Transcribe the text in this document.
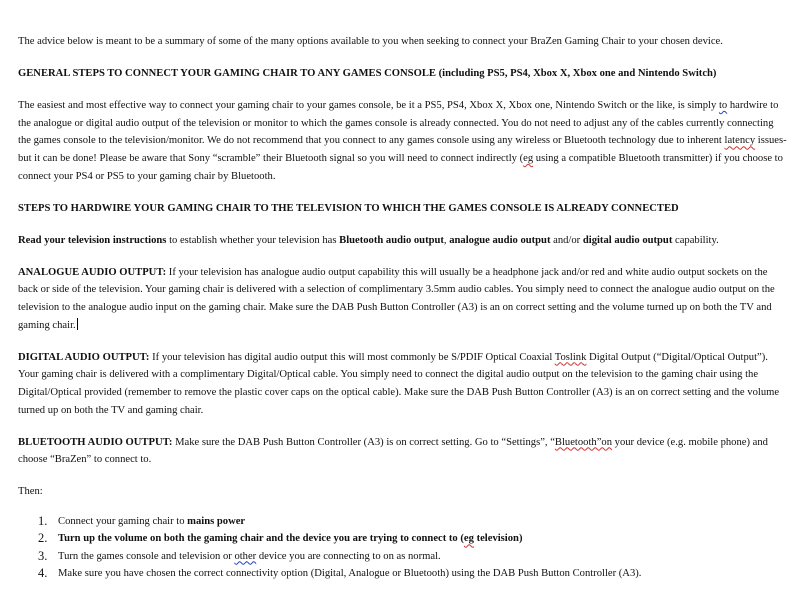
The advice below is meant to be a summary of some of the many options available to you when seeking to connect your BraZen Gaming Chair to your chosen device.

GENERAL STEPS TO CONNECT YOUR GAMING CHAIR TO ANY GAMES CONSOLE (including PS5, PS4, Xbox X, Xbox one and Nintendo Switch)

The easiest and most effective way to connect your gaming chair to your games console, be it a PS5, PS4, Xbox X, Xbox one, Nintendo Switch or the like, is simply to hardwire to the analogue or digital audio output of the television or monitor to which the games console is already connected. You do not need to adjust any of the cables currently connecting the games console to the television/monitor. We do not recommend that you connect to any games console using any wireless or Bluetooth technology due to inherent latency issues- but it can be done! Please be aware that Sony “scramble” their Bluetooth signal so you will need to connect indirectly (eg using a compatible Bluetooth transmitter) if you choose to connect your PS4 or PS5 to your gaming chair by Bluetooth.

STEPS TO HARDWIRE YOUR GAMING CHAIR TO THE TELEVISION TO WHICH THE GAMES CONSOLE IS ALREADY CONNECTED

Read your television instructions to establish whether your television has Bluetooth audio output, analogue audio output and/or digital audio output capability.

ANALOGUE AUDIO OUTPUT: If your television has analogue audio output capability this will usually be a headphone jack and/or red and white audio output sockets on the back or side of the television. Your gaming chair is delivered with a selection of complimentary 3.5mm audio cables. You simply need to connect the analogue audio output on the television to the analogue audio input on the gaming chair. Make sure the DAB Push Button Controller (A3) is an on correct setting and the volume turned up on both the TV and gaming chair.

DIGITAL AUDIO OUTPUT: If your television has digital audio output this will most commonly be S/PDIF Optical Coaxial Toslink Digital Output (“Digital/Optical Output”). Your gaming chair is delivered with a complimentary Digital/Optical cable. You simply need to connect the digital audio output on the television to the gaming chair using the Digital/Optical provided (remember to remove the plastic cover caps on the optical cable). Make sure the DAB Push Button Controller (A3) is an on correct setting and the volume turned up on both the TV and gaming chair.

BLUETOOTH AUDIO OUTPUT: Make sure the DAB Push Button Controller (A3) is on correct setting. Go to “Settings”, “Bluetooth”on your device (e.g. mobile phone) and choose “BraZen” to connect to.

Then:

1. Connect your gaming chair to mains power
2. Turn up the volume on both the gaming chair and the device you are trying to connect to (eg television)
3. Turn the games console and television or other device you are connecting to on as normal.
4. Make sure you have chosen the correct connectivity option (Digital, Analogue or Bluetooth) using the DAB Push Button Controller (A3).
